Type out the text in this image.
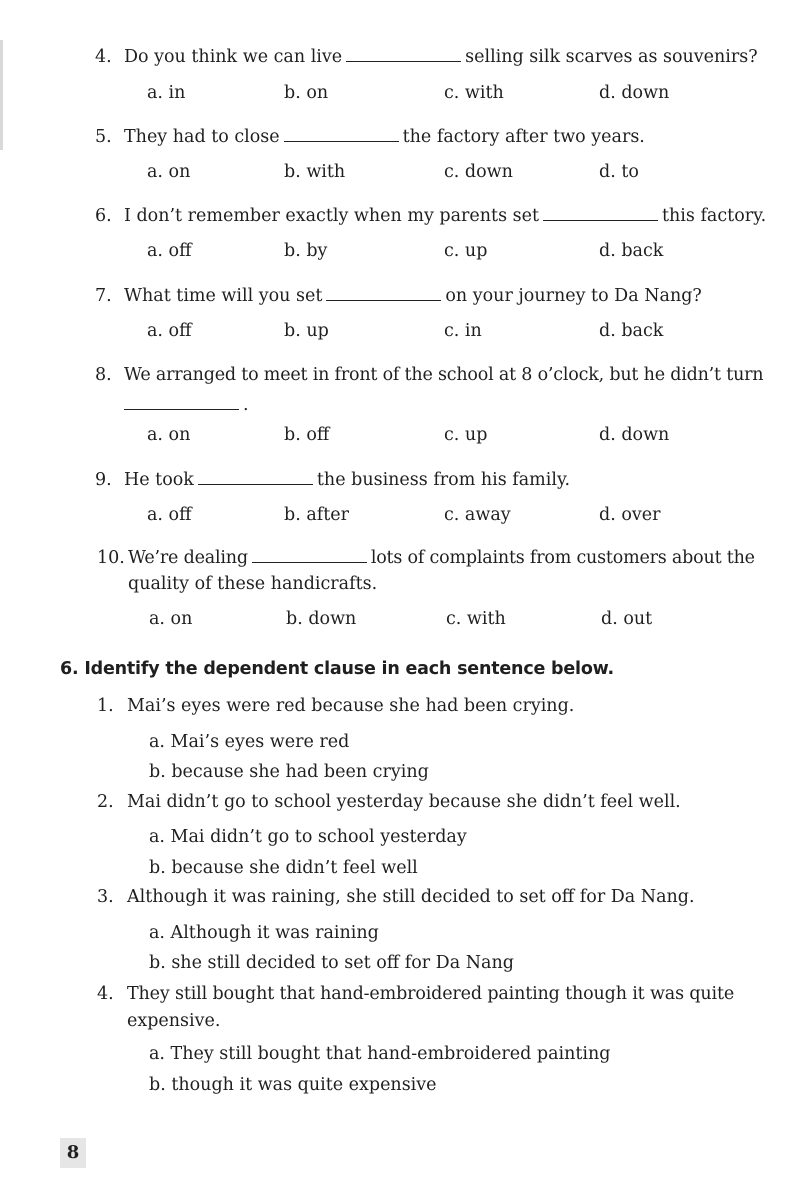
4. Do you think we can live	selling silk scarves as souvenirs?
a. in	b. on	c. with	d. down
5. They had to close	the factory after two years.
a. on	b. with	c. down	d. to
6. I don’t remember exactly when my parents set	this factory.
a. off	b. by	c. up	d. back
7. What time will you set	on your journey to Da Nang?
a. off	b. up	c. in	d. back
8. We arranged to meet in front of the school at 8 o’clock, but he didn’t turn
.
a. on	b. off	c. up	d. down
9. He took	the business from his family.
a. off	b. after	c. away	d. over
10. We’re dealing	lots of complaints from customers about the
quality of these handicrafts.
a. on	b. down	c. with	d. out
6. Identify the dependent clause in each sentence below.
1. Mai’s eyes were red because she had been crying.
a. Mai’s eyes were red
b. because she had been crying
2. Mai didn’t go to school yesterday because she didn’t feel well.
a. Mai didn’t go to school yesterday
b. because she didn’t feel well
3. Although it was raining, she still decided to set off for Da Nang.
a. Although it was raining
b. she still decided to set off for Da Nang
4. They still bought that hand-embroidered painting though it was quite
expensive.
a. They still bought that hand-embroidered painting
b. though it was quite expensive
8
